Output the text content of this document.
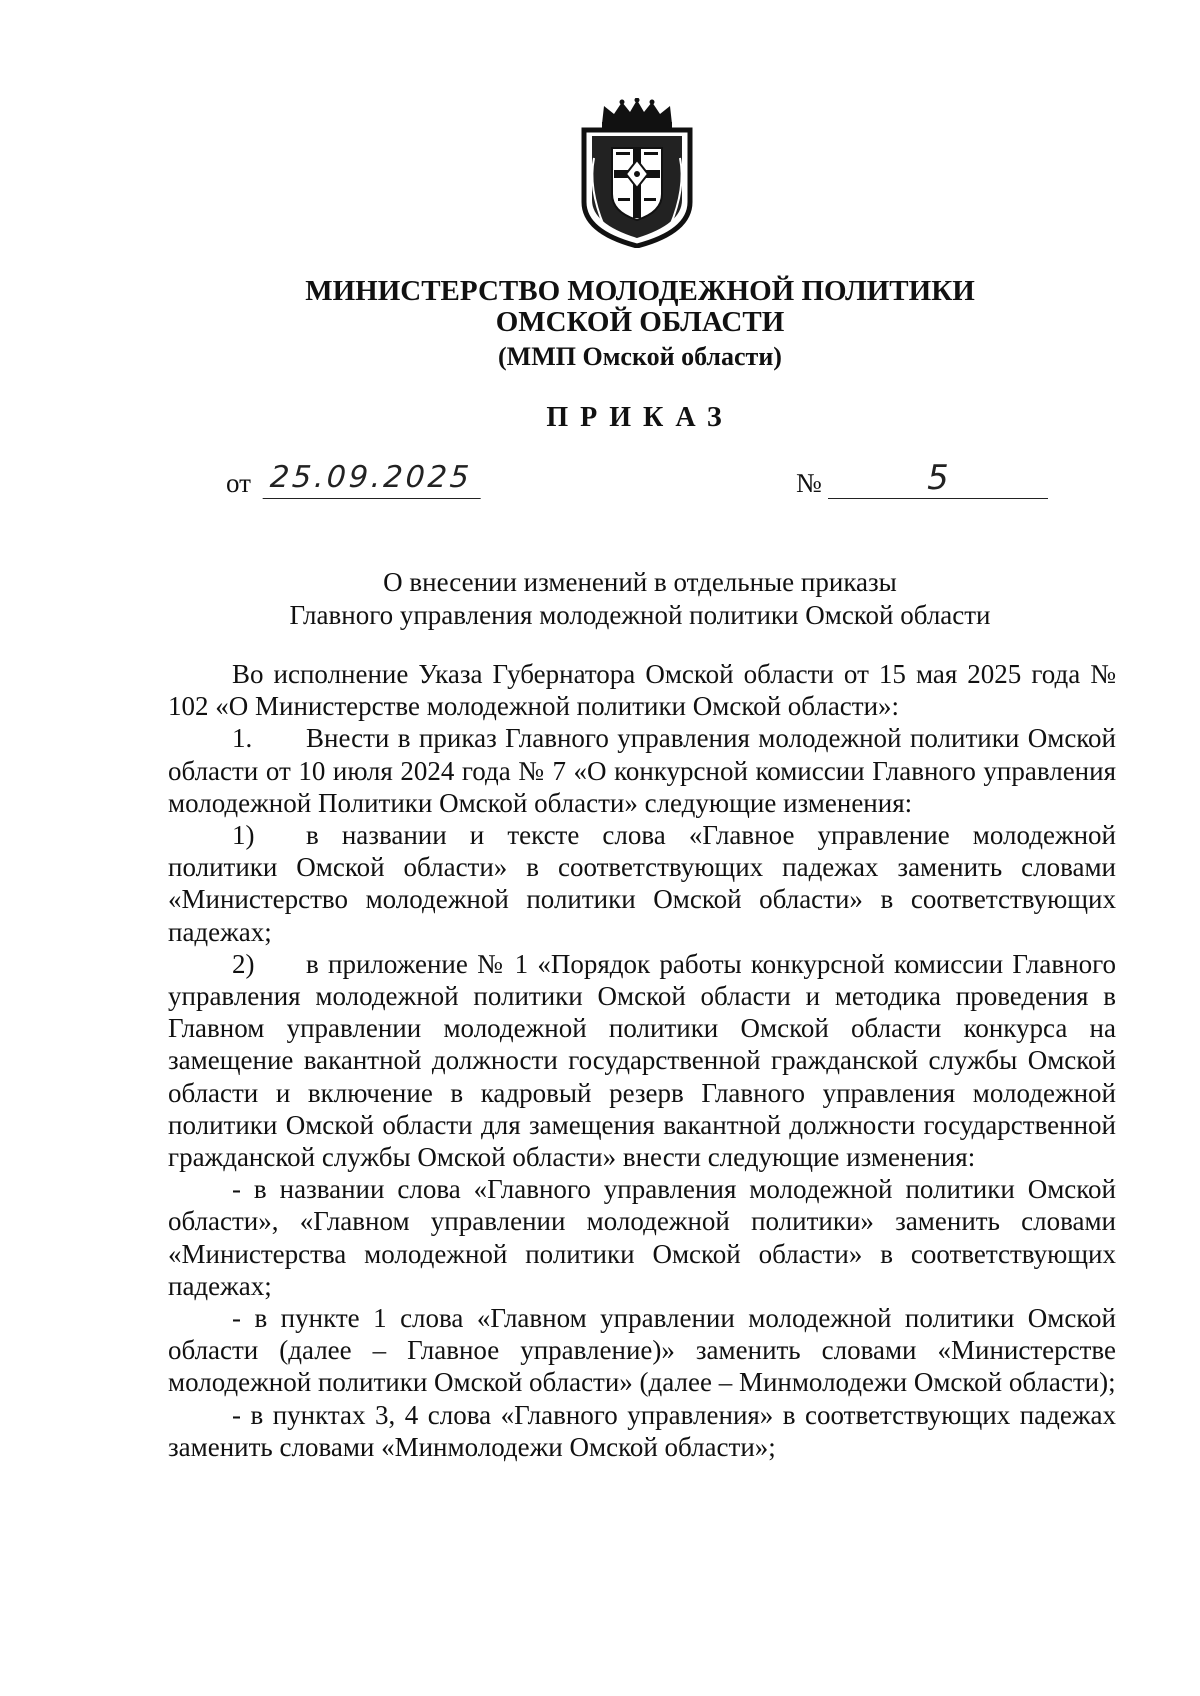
МИНИСТЕРСТВО МОЛОДЕЖНОЙ ПОЛИТИКИ
ОМСКОЙ ОБЛАСТИ
(ММП Омской области)
ПРИКАЗ
от 25.09.2025	№	5
О внесении изменений в отдельные приказы
Главного управления молодежной политики Омской области

Во исполнение Указа Губернатора Омской области от 15 мая 2025 года № 102 «О Министерстве молодежной политики Омской области»:

1. Внести в приказ Главного управления молодежной политики Омской области от 10 июля 2024 года № 7 «О конкурсной комиссии Главного управления молодежной Политики Омской области» следующие изменения:

1) в названии и тексте слова «Главное управление молодежной политики Омской области» в соответствующих падежах заменить словами «Министерство молодежной политики Омской области» в соответствующих падежах;

2) в приложение № 1 «Порядок работы конкурсной комиссии Главного управления молодежной политики Омской области и методика проведения в Главном управлении молодежной политики Омской области конкурса на замещение вакантной должности государственной гражданской службы Омской области и включение в кадровый резерв Главного управления молодежной политики Омской области для замещения вакантной должности государственной гражданской службы Омской области» внести следующие изменения:

- в названии слова «Главного управления молодежной политики Омской области», «Главном управлении молодежной политики» заменить словами «Министерства молодежной политики Омской области» в соответствующих падежах;

- в пункте 1 слова «Главном управлении молодежной политики Омской области (далее – Главное управление)» заменить словами «Министерстве молодежной политики Омской области» (далее – Минмолодежи Омской области);

- в пунктах 3, 4 слова «Главного управления» в соответствующих падежах заменить словами «Минмолодежи Омской области»;
